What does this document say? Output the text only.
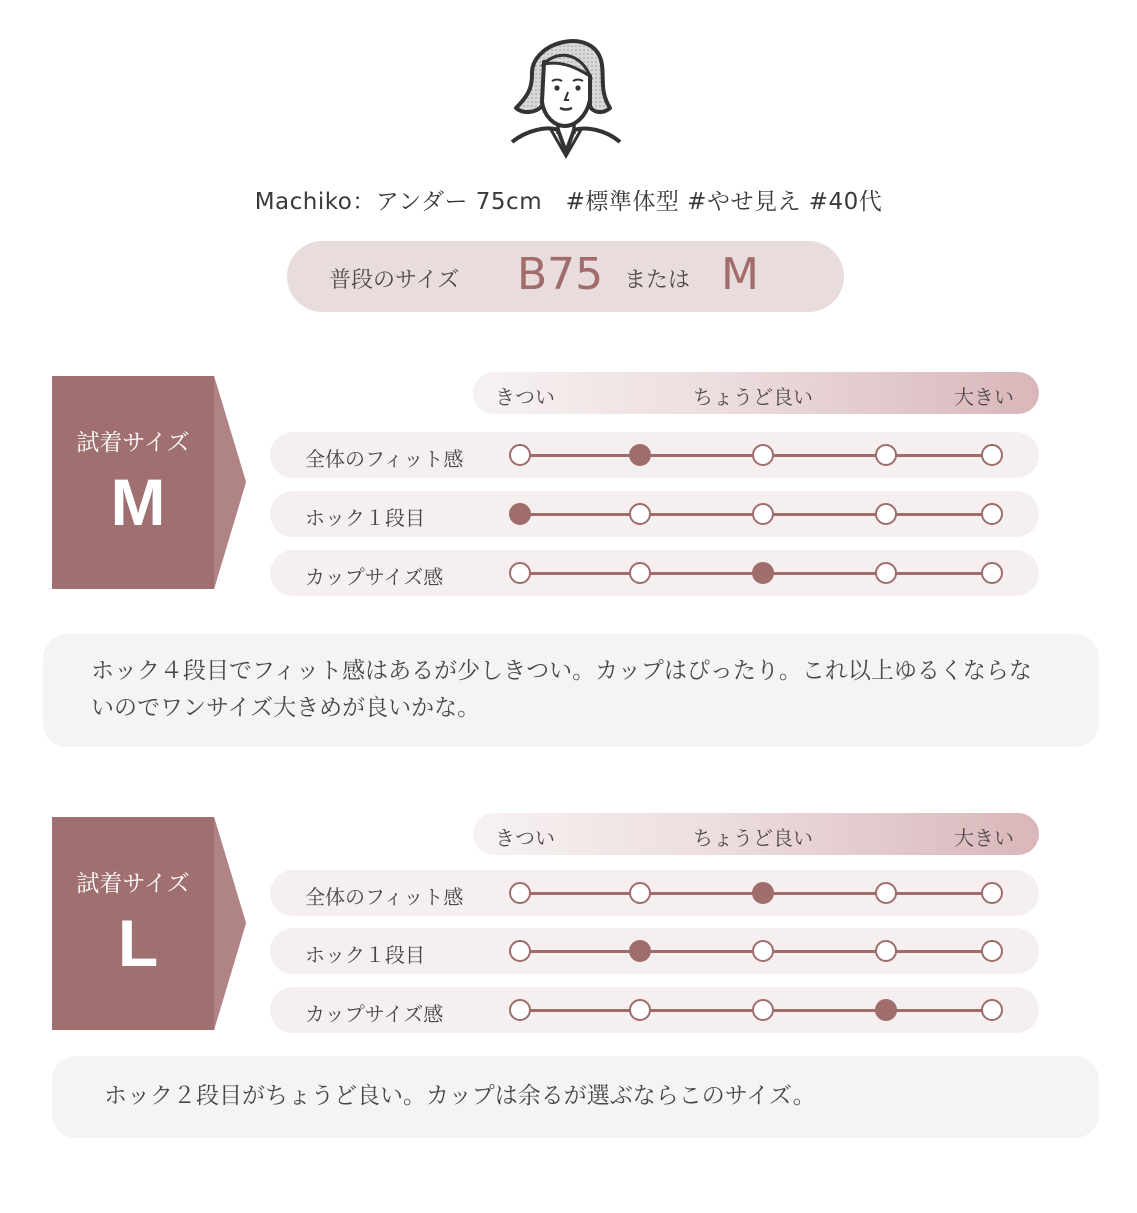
Machiko：アンダー 75cm　#標準体型 #やせ見え #40代
普段のサイズ B75 または M
試着サイズ
M
きつい	ちょうど良い	大きい
全体のフィット感
ホック１段目
カップサイズ感
ホック４段目でフィット感はあるが少しきつい。カップはぴったり。これ以上ゆるくならないのでワンサイズ大きめが良いかな。
試着サイズ
L
きつい	ちょうど良い	大きい
全体のフィット感
ホック１段目
カップサイズ感
ホック２段目がちょうど良い。カップは余るが選ぶならこのサイズ。
